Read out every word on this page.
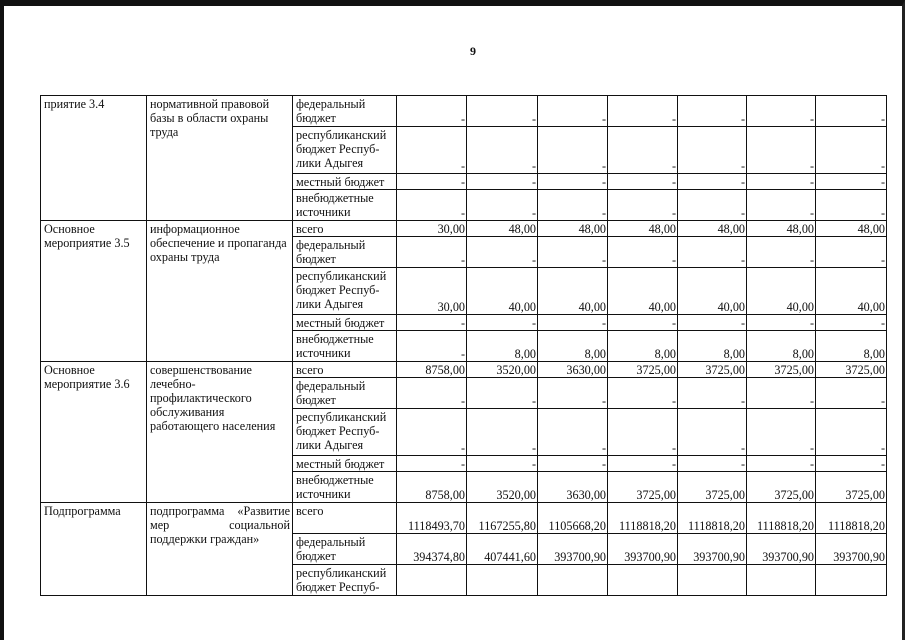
9
приятие 3.4	нормативной правовой базы в области охраны труда	федеральный бюджет	-	-	-	-	-	-	-
		республиканский бюджет Респуб- лики Адыгея	-	-	-	-	-	-	-
		местный бюджет	-	-	-	-	-	-	-
		внебюджетные источники	-	-	-	-	-	-	-
Основное мероприятие 3.5	информационное обеспечение и пропаганда охраны труда	всего	30,00	48,00	48,00	48,00	48,00	48,00	48,00
		федеральный бюджет	-	-	-	-	-	-	-
		республиканский бюджет Респуб- лики Адыгея	30,00	40,00	40,00	40,00	40,00	40,00	40,00
		местный бюджет	-	-	-	-	-	-	-
		внебюджетные источники	-	8,00	8,00	8,00	8,00	8,00	8,00
Основное мероприятие 3.6	совершенствование лечебно-профилактического обслуживания работающего населения	всего	8758,00	3520,00	3630,00	3725,00	3725,00	3725,00	3725,00
		федеральный бюджет	-	-	-	-	-	-	-
		республиканский бюджет Респуб- лики Адыгея	-	-	-	-	-	-	-
		местный бюджет	-	-	-	-	-	-	-
		внебюджетные источники	8758,00	3520,00	3630,00	3725,00	3725,00	3725,00	3725,00
Подпрограмма	подпрограмма «Развитие мер социальной поддержки граждан»	всего	1118493,70	1167255,80	1105668,20	1118818,20	1118818,20	1118818,20	1118818,20
		федеральный бюджет	394374,80	407441,60	393700,90	393700,90	393700,90	393700,90	393700,90
		республиканский бюджет Респуб-							
